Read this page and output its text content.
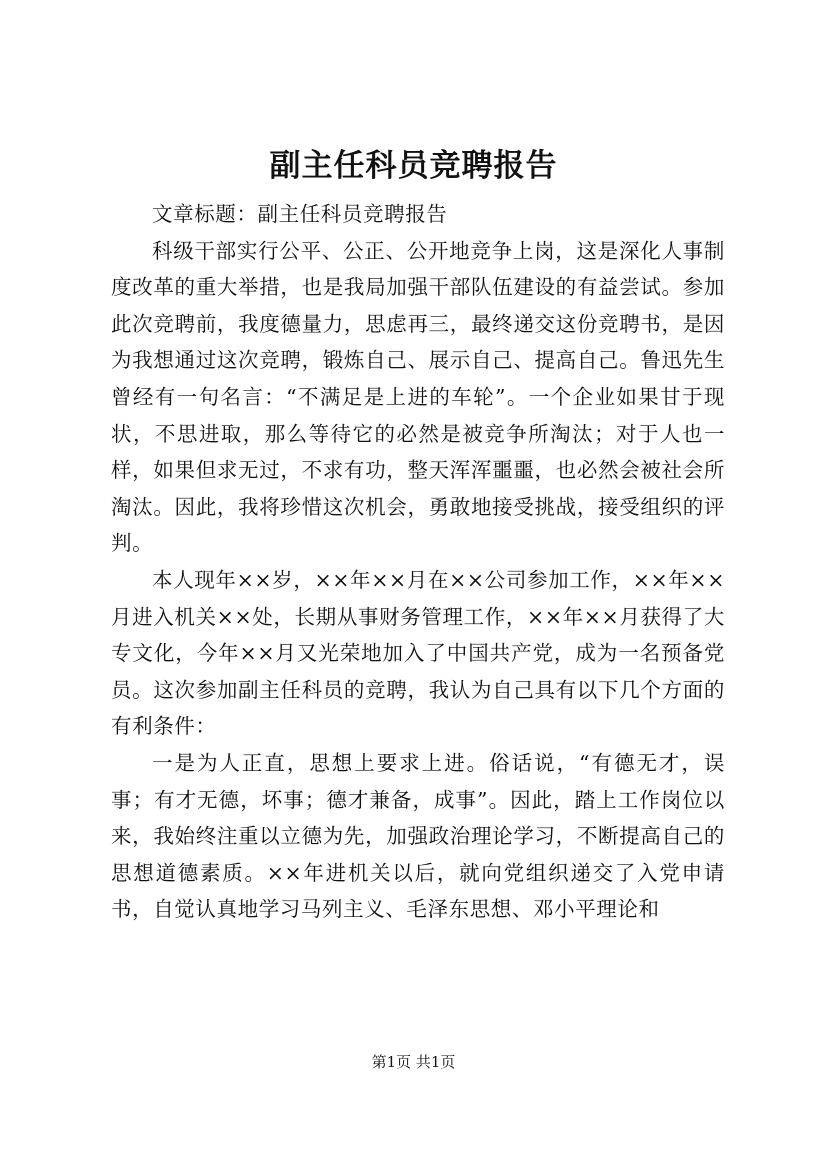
副主任科员竞聘报告

文章标题：副主任科员竞聘报告

科级干部实行公平、公正、公开地竞争上岗，这是深化人事制度改革的重大举措，也是我局加强干部队伍建设的有益尝试。参加此次竞聘前，我度德量力，思虑再三，最终递交这份竞聘书，是因为我想通过这次竞聘，锻炼自己、展示自己、提高自己。鲁迅先生曾经有一句名言：“不满足是上进的车轮”。一个企业如果甘于现状，不思进取，那么等待它的必然是被竞争所淘汰；对于人也一样，如果但求无过，不求有功，整天浑浑噩噩，也必然会被社会所淘汰。因此，我将珍惜这次机会，勇敢地接受挑战，接受组织的评判。

本人现年××岁，××年××月在××公司参加工作，××年××月进入机关××处，长期从事财务管理工作，××年××月获得了大专文化，今年××月又光荣地加入了中国共产党，成为一名预备党员。这次参加副主任科员的竞聘，我认为自己具有以下几个方面的有利条件：

一是为人正直，思想上要求上进。俗话说，“有德无才，误事；有才无德，坏事；德才兼备，成事”。因此，踏上工作岗位以来，我始终注重以立德为先，加强政治理论学习，不断提高自己的思想道德素质。××年进机关以后，就向党组织递交了入党申请书，自觉认真地学习马列主义、毛泽东思想、邓小平理论和

第1页 共1页
